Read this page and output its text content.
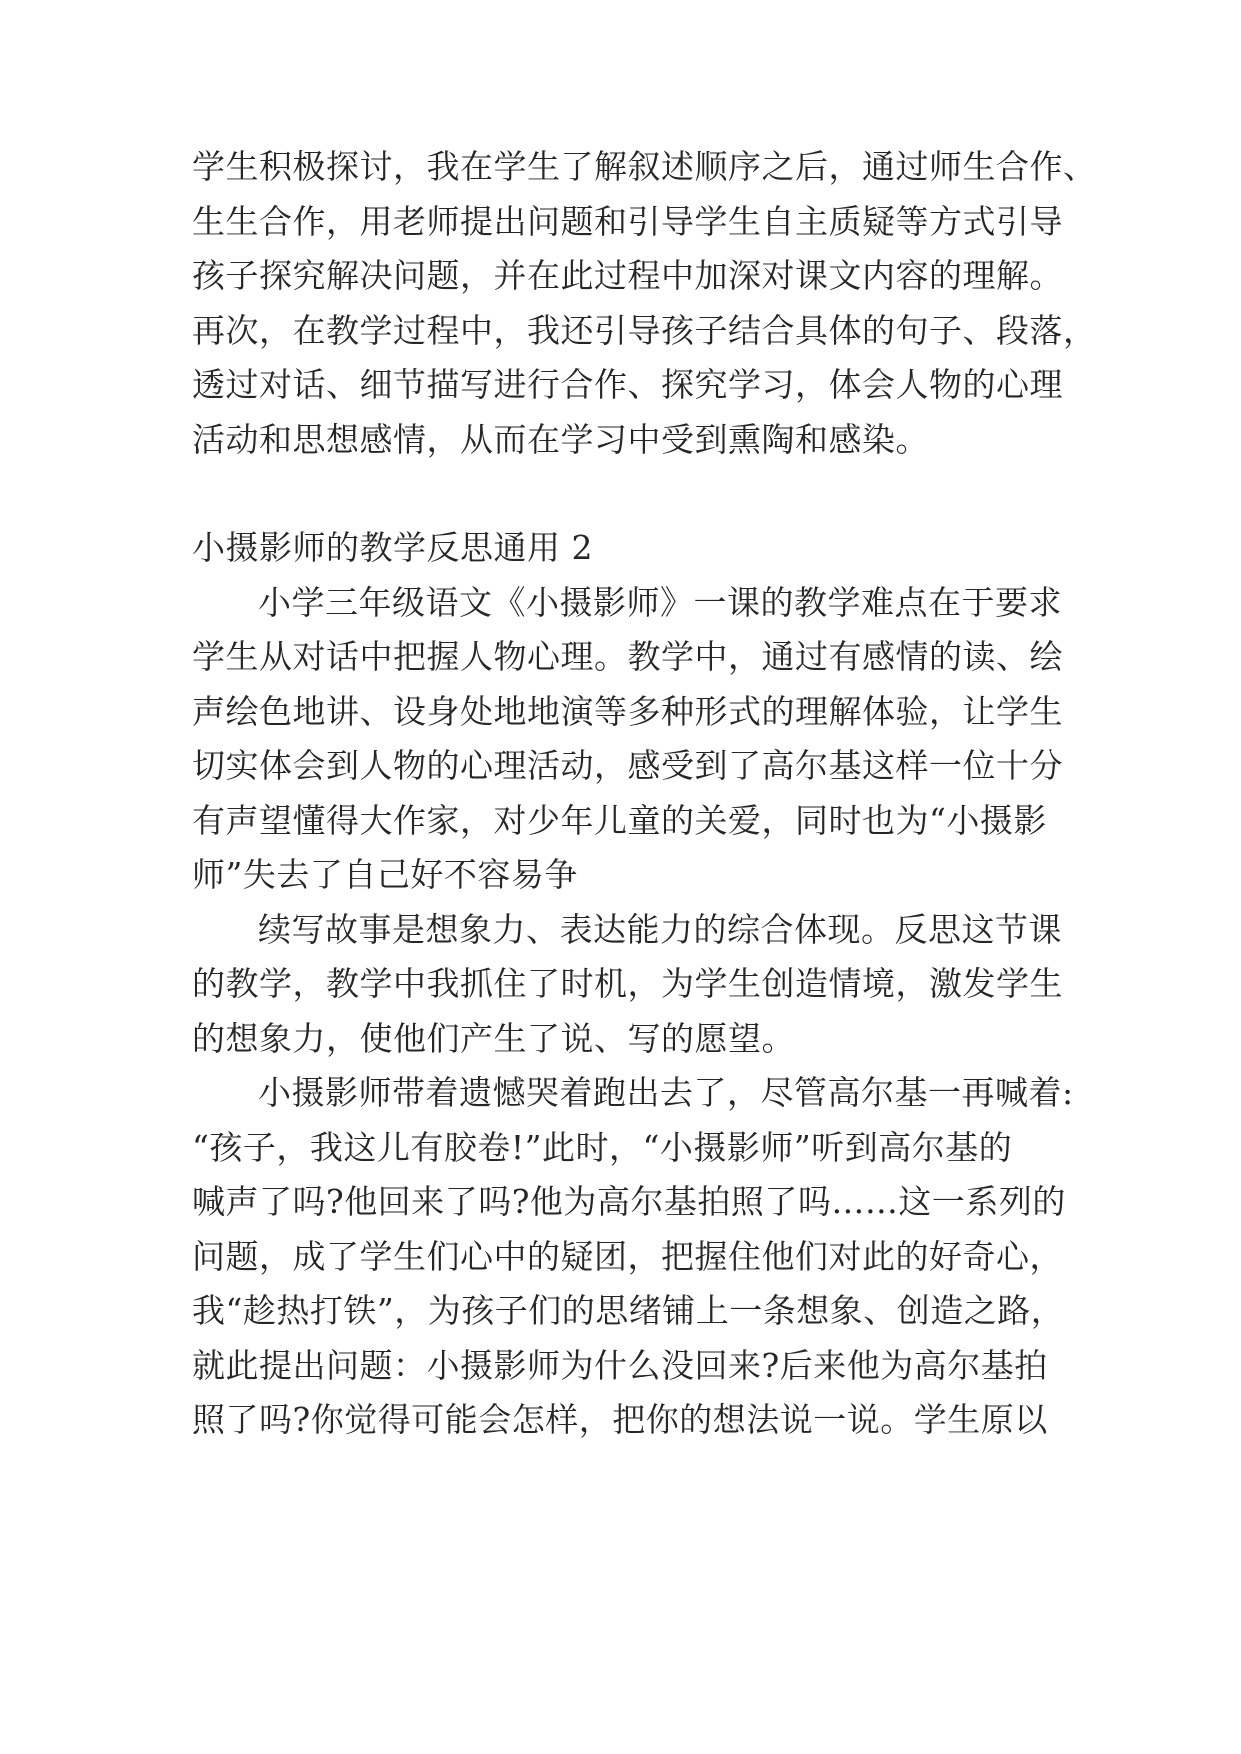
学生积极探讨，我在学生了解叙述顺序之后，通过师生合作、
生生合作，用老师提出问题和引导学生自主质疑等方式引导
孩子探究解决问题，并在此过程中加深对课文内容的理解。
再次，在教学过程中，我还引导孩子结合具体的句子、段落，
透过对话、细节描写进行合作、探究学习，体会人物的心理
活动和思想感情，从而在学习中受到熏陶和感染。
小摄影师的教学反思通用 2
小学三年级语文《小摄影师》一课的教学难点在于要求
学生从对话中把握人物心理。教学中，通过有感情的读、绘
声绘色地讲、设身处地地演等多种形式的理解体验，让学生
切实体会到人物的心理活动，感受到了高尔基这样一位十分
有声望懂得大作家，对少年儿童的关爱，同时也为“小摄影
师”失去了自己好不容易争
续写故事是想象力、表达能力的综合体现。反思这节课
的教学，教学中我抓住了时机，为学生创造情境，激发学生
的想象力，使他们产生了说、写的愿望。
小摄影师带着遗憾哭着跑出去了，尽管高尔基一再喊着:
“孩子，我这儿有胶卷!”此时，“小摄影师”听到高尔基的
喊声了吗?他回来了吗?他为高尔基拍照了吗……这一系列的
问题，成了学生们心中的疑团，把握住他们对此的好奇心，
我“趁热打铁”，为孩子们的思绪铺上一条想象、创造之路，
就此提出问题：小摄影师为什么没回来?后来他为高尔基拍
照了吗?你觉得可能会怎样，把你的想法说一说。学生原以
